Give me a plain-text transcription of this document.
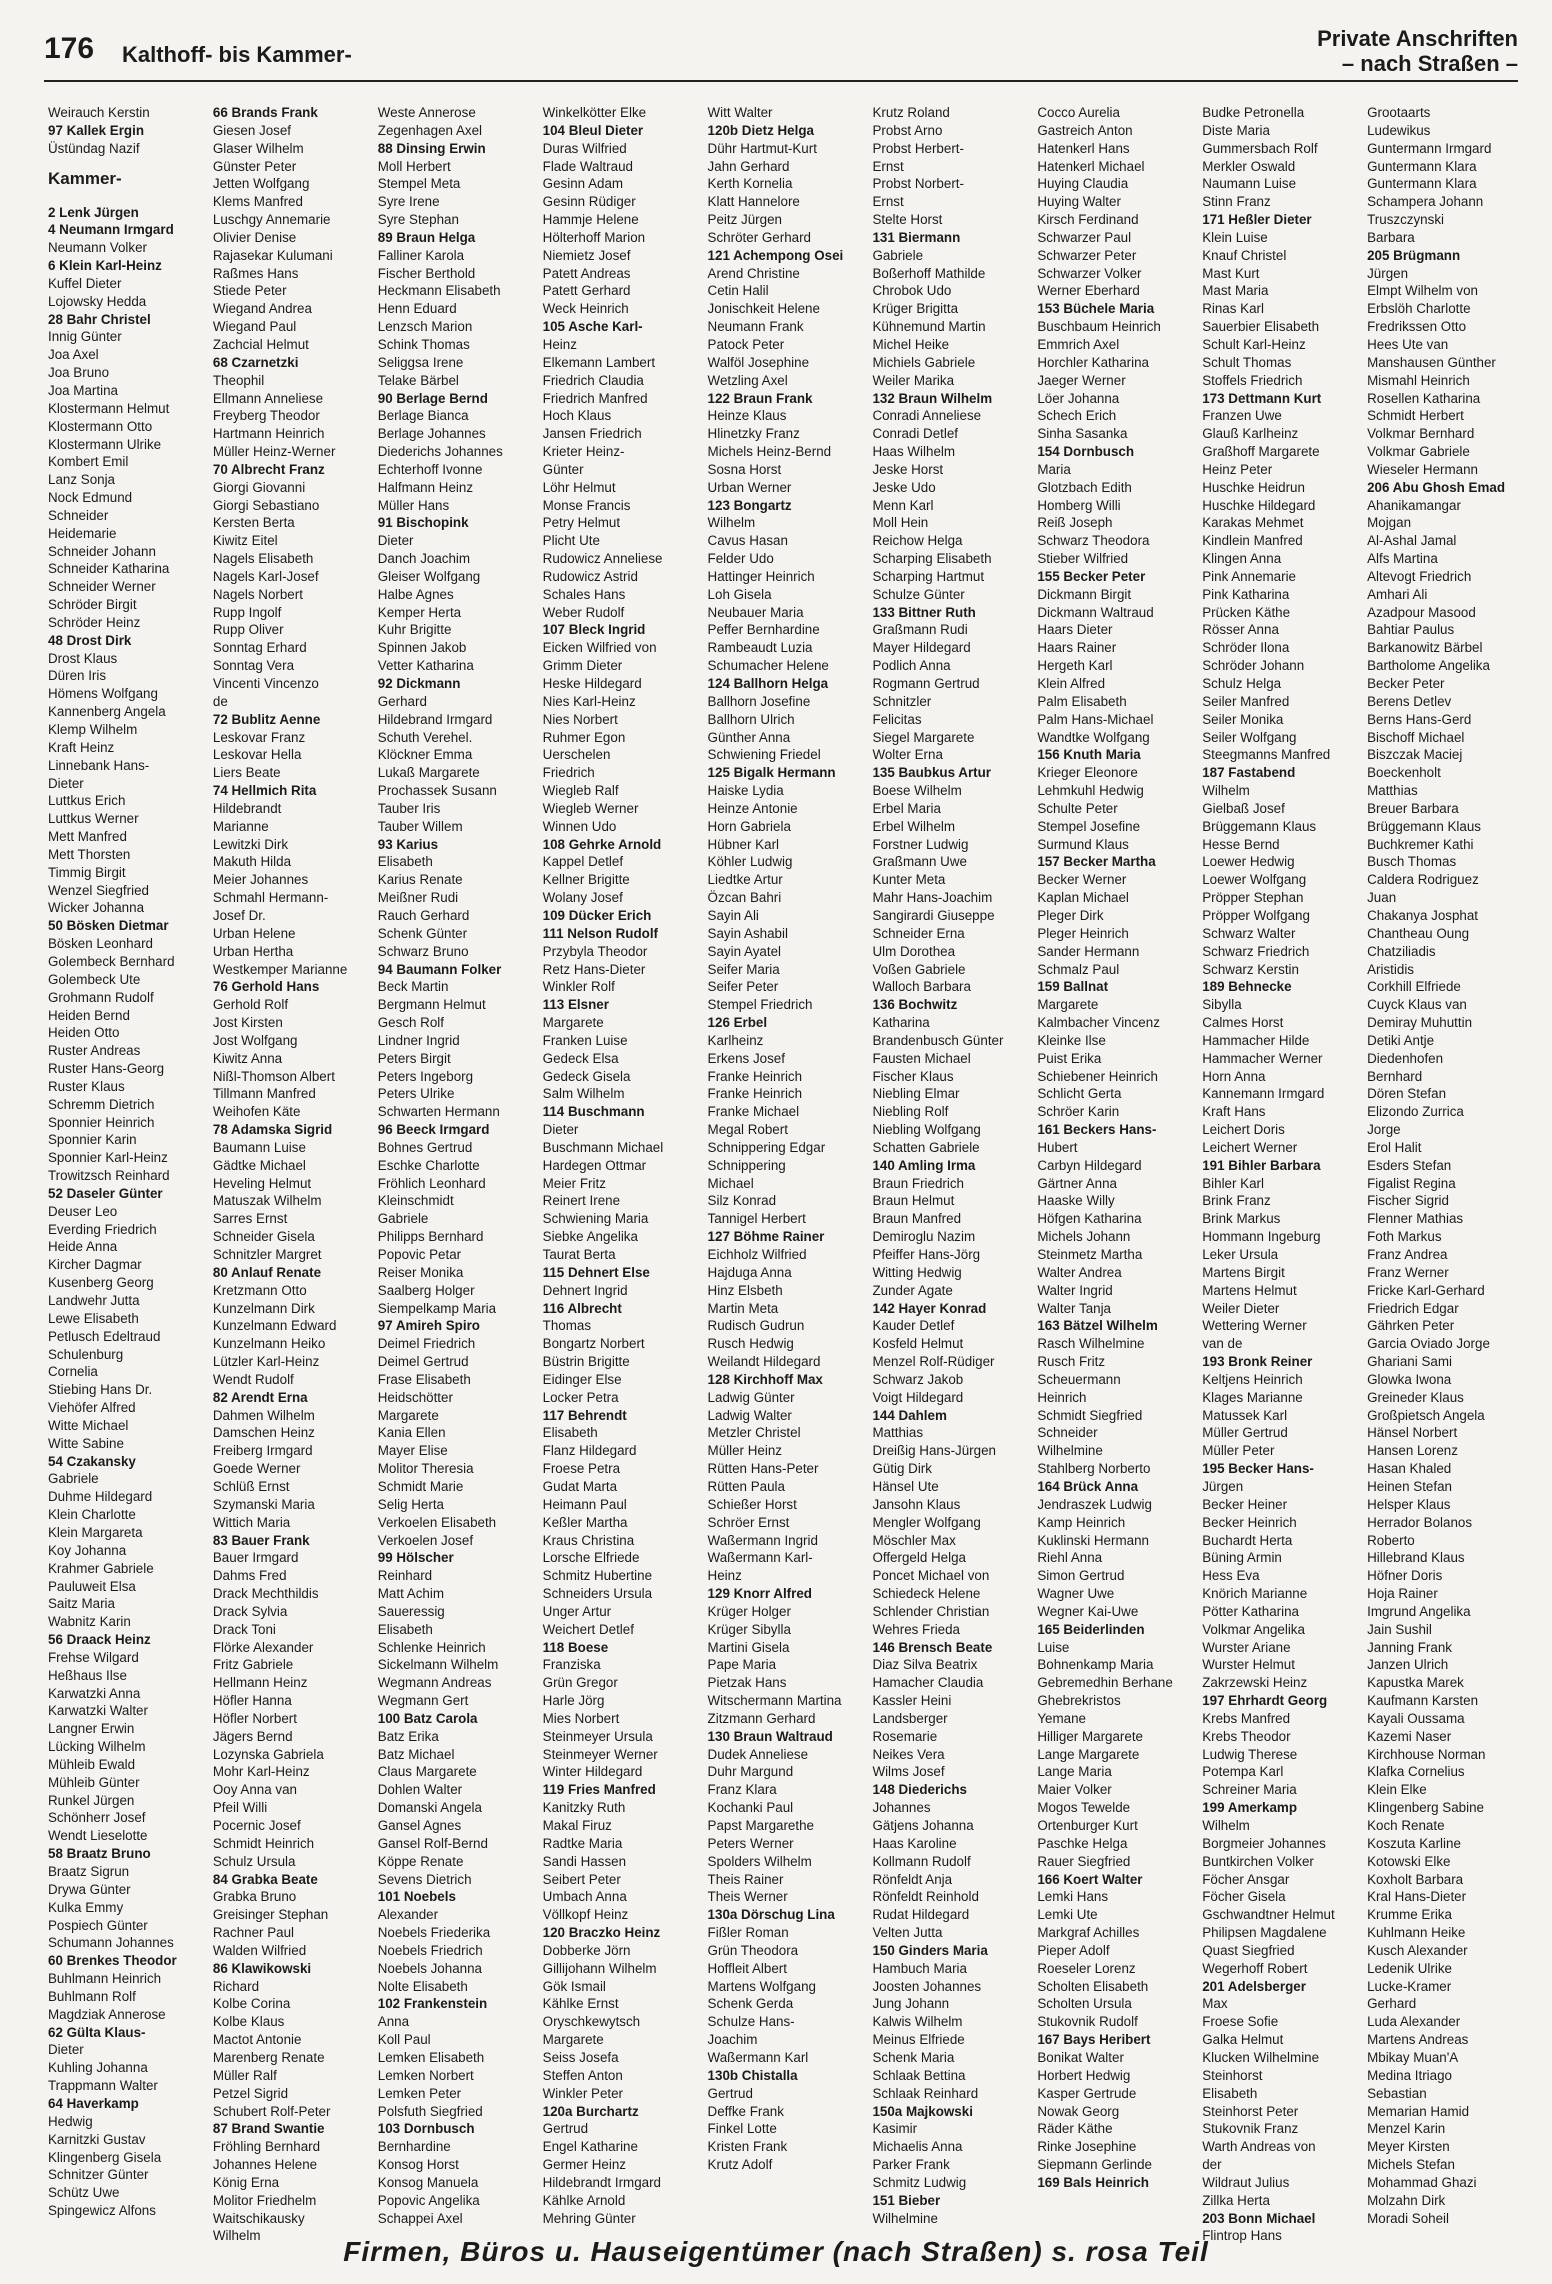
176 Kalthoff- bis Kammer-
Private Anschriften
– nach Straßen –
Weirauch Kerstin
97 Kallek Ergin
Üstündag Nazif
Kammer-
2 Lenk Jürgen
4 Neumann Irmgard
Neumann Volker
6 Klein Karl-Heinz
Kuffel Dieter
Lojowsky Hedda
28 Bahr Christel
Innig Günter
Joa Axel
Joa Bruno
Joa Martina
Klostermann Helmut
Klostermann Otto
Klostermann Ulrike
Kombert Emil
Lanz Sonja
Nock Edmund
Schneider
Heidemarie
Schneider Johann
Schneider Katharina
Schneider Werner
Schröder Birgit
Schröder Heinz
48 Drost Dirk
Drost Klaus
Düren Iris
Hömens Wolfgang
Kannenberg Angela
Klemp Wilhelm
Kraft Heinz
Linnebank Hans-
Dieter
Luttkus Erich
Luttkus Werner
Mett Manfred
Mett Thorsten
Timmig Birgit
Wenzel Siegfried
Wicker Johanna
50 Bösken Dietmar
Bösken Leonhard
Golembeck Bernhard
Golembeck Ute
Grohmann Rudolf
Heiden Bernd
Heiden Otto
Ruster Andreas
Ruster Hans-Georg
Ruster Klaus
Schremm Dietrich
Sponnier Heinrich
Sponnier Karin
Sponnier Karl-Heinz
Trowitzsch Reinhard
52 Daseler Günter
Deuser Leo
Everding Friedrich
Heide Anna
Kircher Dagmar
Kusenberg Georg
Landwehr Jutta
Lewe Elisabeth
Petlusch Edeltraud
Schulenburg
Cornelia
Stiebing Hans Dr.
Viehöfer Alfred
Witte Michael
Witte Sabine
54 Czakansky
Gabriele
Duhme Hildegard
Klein Charlotte
Klein Margareta
Koy Johanna
Krahmer Gabriele
Pauluweit Elsa
Saitz Maria
Wabnitz Karin
56 Draack Heinz
Frehse Wilgard
Heßhaus Ilse
Karwatzki Anna
Karwatzki Walter
Langner Erwin
Lücking Wilhelm
Mühleib Ewald
Mühleib Günter
Runkel Jürgen
Schönherr Josef
Wendt Lieselotte
58 Braatz Bruno
Braatz Sigrun
Drywa Günter
Kulka Emmy
Pospiech Günter
Schumann Johannes
60 Brenkes Theodor
Buhlmann Heinrich
Buhlmann Rolf
Magdziak Annerose
62 Gülta Klaus-
Dieter
Kuhling Johanna
Trappmann Walter
64 Haverkamp
Hedwig
Karnitzki Gustav
Klingenberg Gisela
Schnitzer Günter
Schütz Uwe
Spingewicz Alfons
66 Brands Frank
Giesen Josef
Glaser Wilhelm
Günster Peter
Jetten Wolfgang
Klems Manfred
Luschgy Annemarie
Olivier Denise
Rajasekar Kulumani
Raßmes Hans
Stiede Peter
Wiegand Andrea
Wiegand Paul
Zachcial Helmut
68 Czarnetzki
Theophil
Ellmann Anneliese
Freyberg Theodor
Hartmann Heinrich
Müller Heinz-Werner
70 Albrecht Franz
Giorgi Giovanni
Giorgi Sebastiano
Kersten Berta
Kiwitz Eitel
Nagels Elisabeth
Nagels Karl-Josef
Nagels Norbert
Rupp Ingolf
Rupp Oliver
Sonntag Erhard
Sonntag Vera
Vincenti Vincenzo
de
72 Bublitz Aenne
Leskovar Franz
Leskovar Hella
Liers Beate
74 Hellmich Rita
Hildebrandt
Marianne
Lewitzki Dirk
Makuth Hilda
Meier Johannes
Schmahl Hermann-
Josef Dr.
Urban Helene
Urban Hertha
Westkemper Marianne
76 Gerhold Hans
Gerhold Rolf
Jost Kirsten
Jost Wolfgang
Kiwitz Anna
Nißl-Thomson Albert
Tillmann Manfred
Weihofen Käte
78 Adamska Sigrid
Baumann Luise
Gädtke Michael
Heveling Helmut
Matuszak Wilhelm
Sarres Ernst
Schneider Gisela
Schnitzler Margret
80 Anlauf Renate
Kretzmann Otto
Kunzelmann Dirk
Kunzelmann Edward
Kunzelmann Heiko
Lützler Karl-Heinz
Wendt Rudolf
82 Arendt Erna
Dahmen Wilhelm
Damschen Heinz
Freiberg Irmgard
Goede Werner
Schlüß Ernst
Szymanski Maria
Wittich Maria
83 Bauer Frank
Bauer Irmgard
Dahms Fred
Drack Mechthildis
Drack Sylvia
Drack Toni
Flörke Alexander
Fritz Gabriele
Hellmann Heinz
Höfler Hanna
Höfler Norbert
Jägers Bernd
Lozynska Gabriela
Mohr Karl-Heinz
Ooy Anna van
Pfeil Willi
Pocernic Josef
Schmidt Heinrich
Schulz Ursula
84 Grabka Beate
Grabka Bruno
Greisinger Stephan
Rachner Paul
Walden Wilfried
86 Klawikowski
Richard
Kolbe Corina
Kolbe Klaus
Mactot Antonie
Marenberg Renate
Müller Ralf
Petzel Sigrid
Schubert Rolf-Peter
87 Brand Swantie
Fröhling Bernhard
Johannes Helene
König Erna
Molitor Friedhelm
Waitschikausky
Wilhelm
Weste Annerose
Zegenhagen Axel
88 Dinsing Erwin
Moll Herbert
Stempel Meta
Syre Irene
Syre Stephan
89 Braun Helga
Falliner Karola
Fischer Berthold
Heckmann Elisabeth
Henn Eduard
Lenzsch Marion
Schink Thomas
Seliggsa Irene
Telake Bärbel
90 Berlage Bernd
Berlage Bianca
Berlage Johannes
Diederichs Johannes
Echterhoff Ivonne
Halfmann Heinz
Müller Hans
91 Bischopink
Dieter
Danch Joachim
Gleiser Wolfgang
Halbe Agnes
Kemper Herta
Kuhr Brigitte
Spinnen Jakob
Vetter Katharina
92 Dickmann
Gerhard
Hildebrand Irmgard
Schuth Verehel.
Klöckner Emma
Lukaß Margarete
Prochassek Susann
Tauber Iris
Tauber Willem
93 Karius
Elisabeth
Karius Renate
Meißner Rudi
Rauch Gerhard
Schenk Günter
Schwarz Bruno
94 Baumann Folker
Beck Martin
Bergmann Helmut
Gesch Rolf
Lindner Ingrid
Peters Birgit
Peters Ingeborg
Peters Ulrike
Schwarten Hermann
96 Beeck Irmgard
Bohnes Gertrud
Eschke Charlotte
Fröhlich Leonhard
Kleinschmidt
Gabriele
Philipps Bernhard
Popovic Petar
Reiser Monika
Saalberg Holger
Siempelkamp Maria
97 Amireh Spiro
Deimel Friedrich
Deimel Gertrud
Frase Elisabeth
Heidschötter
Margarete
Kania Ellen
Mayer Elise
Molitor Theresia
Schmidt Marie
Selig Herta
Verkoelen Elisabeth
Verkoelen Josef
99 Hölscher
Reinhard
Matt Achim
Saueressig
Elisabeth
Schlenke Heinrich
Sickelmann Wilhelm
Wegmann Andreas
Wegmann Gert
100 Batz Carola
Batz Erika
Batz Michael
Claus Margarete
Dohlen Walter
Domanski Angela
Gansel Agnes
Gansel Rolf-Bernd
Köppe Renate
Sevens Dietrich
101 Noebels
Alexander
Noebels Friederika
Noebels Friedrich
Noebels Johanna
Nolte Elisabeth
102 Frankenstein
Anna
Koll Paul
Lemken Elisabeth
Lemken Norbert
Lemken Peter
Polsfuth Siegfried
103 Dornbusch
Bernhardine
Konsog Horst
Konsog Manuela
Popovic Angelika
Schappei Axel
Winkelkötter Elke
104 Bleul Dieter
Duras Wilfried
Flade Waltraud
Gesinn Adam
Gesinn Rüdiger
Hammje Helene
Hölterhoff Marion
Niemietz Josef
Patett Andreas
Patett Gerhard
Weck Heinrich
105 Asche Karl-
Heinz
Elkemann Lambert
Friedrich Claudia
Friedrich Manfred
Hoch Klaus
Jansen Friedrich
Krieter Heinz-
Günter
Löhr Helmut
Monse Francis
Petry Helmut
Plicht Ute
Rudowicz Anneliese
Rudowicz Astrid
Schales Hans
Weber Rudolf
107 Bleck Ingrid
Eicken Wilfried von
Grimm Dieter
Heske Hildegard
Nies Karl-Heinz
Nies Norbert
Ruhmer Egon
Uerschelen
Friedrich
Wiegleb Ralf
Wiegleb Werner
Winnen Udo
108 Gehrke Arnold
Kappel Detlef
Kellner Brigitte
Wolany Josef
109 Dücker Erich
111 Nelson Rudolf
Przybyla Theodor
Retz Hans-Dieter
Winkler Rolf
113 Elsner
Margarete
Franken Luise
Gedeck Elsa
Gedeck Gisela
Salm Wilhelm
114 Buschmann
Dieter
Buschmann Michael
Hardegen Ottmar
Meier Fritz
Reinert Irene
Schwiening Maria
Siebke Angelika
Taurat Berta
115 Dehnert Else
Dehnert Ingrid
116 Albrecht
Thomas
Bongartz Norbert
Büstrin Brigitte
Eidinger Else
Locker Petra
117 Behrendt
Elisabeth
Flanz Hildegard
Froese Petra
Gudat Marta
Heimann Paul
Keßler Martha
Kraus Christina
Lorsche Elfriede
Schmitz Hubertine
Schneiders Ursula
Unger Artur
Weichert Detlef
118 Boese
Franziska
Grün Gregor
Harle Jörg
Mies Norbert
Steinmeyer Ursula
Steinmeyer Werner
Winter Hildegard
119 Fries Manfred
Kanitzky Ruth
Makal Firuz
Radtke Maria
Sandi Hassen
Seibert Peter
Umbach Anna
Völlkopf Heinz
120 Braczko Heinz
Dobberke Jörn
Gillijohann Wilhelm
Gök Ismail
Kählke Ernst
Oryschkewytsch
Margarete
Seiss Josefa
Steffen Anton
Winkler Peter
120a Burchartz
Gertrud
Engel Katharine
Germer Heinz
Hildebrandt Irmgard
Kählke Arnold
Mehring Günter
Witt Walter
120b Dietz Helga
Dühr Hartmut-Kurt
Jahn Gerhard
Kerth Kornelia
Klatt Hannelore
Peitz Jürgen
Schröter Gerhard
121 Achempong Osei
Arend Christine
Cetin Halil
Jonischkeit Helene
Neumann Frank
Patock Peter
Walföl Josephine
Wetzling Axel
122 Braun Frank
Heinze Klaus
Hlinetzky Franz
Michels Heinz-Bernd
Sosna Horst
Urban Werner
123 Bongartz
Wilhelm
Cavus Hasan
Felder Udo
Hattinger Heinrich
Loh Gisela
Neubauer Maria
Peffer Bernhardine
Rambeaudt Luzia
Schumacher Helene
124 Ballhorn Helga
Ballhorn Josefine
Ballhorn Ulrich
Günther Anna
Schwiening Friedel
125 Bigalk Hermann
Haiske Lydia
Heinze Antonie
Horn Gabriela
Hübner Karl
Köhler Ludwig
Liedtke Artur
Özcan Bahri
Sayin Ali
Sayin Ashabil
Sayin Ayatel
Seifer Maria
Seifer Peter
Stempel Friedrich
126 Erbel
Karlheinz
Erkens Josef
Franke Heinrich
Franke Heinrich
Franke Michael
Megal Robert
Schnippering Edgar
Schnippering
Michael
Silz Konrad
Tannigel Herbert
127 Böhme Rainer
Eichholz Wilfried
Hajduga Anna
Hinz Elsbeth
Martin Meta
Rudisch Gudrun
Rusch Hedwig
Weilandt Hildegard
128 Kirchhoff Max
Ladwig Günter
Ladwig Walter
Metzler Christel
Müller Heinz
Rütten Hans-Peter
Rütten Paula
Schießer Horst
Schröer Ernst
Waßermann Ingrid
Waßermann Karl-
Heinz
129 Knorr Alfred
Krüger Holger
Krüger Sibylla
Martini Gisela
Pape Maria
Pietzak Hans
Witschermann Martina
Zitzmann Gerhard
130 Braun Waltraud
Dudek Anneliese
Duhr Margund
Franz Klara
Kochanki Paul
Papst Margarethe
Peters Werner
Spolders Wilhelm
Theis Rainer
Theis Werner
130a Dörschug Lina
Fißler Roman
Grün Theodora
Hoffleit Albert
Martens Wolfgang
Schenk Gerda
Schulze Hans-
Joachim
Waßermann Karl
130b Chistalla
Gertrud
Deffke Frank
Finkel Lotte
Kristen Frank
Krutz Adolf
Krutz Roland
Probst Arno
Probst Herbert-
Ernst
Probst Norbert-
Ernst
Stelte Horst
131 Biermann
Gabriele
Boßerhoff Mathilde
Chrobok Udo
Krüger Brigitta
Kühnemund Martin
Michel Heike
Michiels Gabriele
Weiler Marika
132 Braun Wilhelm
Conradi Anneliese
Conradi Detlef
Haas Wilhelm
Jeske Horst
Jeske Udo
Menn Karl
Moll Hein
Reichow Helga
Scharping Elisabeth
Scharping Hartmut
Schulze Günter
133 Bittner Ruth
Graßmann Rudi
Mayer Hildegard
Podlich Anna
Rogmann Gertrud
Schnitzler
Felicitas
Siegel Margarete
Wolter Erna
135 Baubkus Artur
Boese Wilhelm
Erbel Maria
Erbel Wilhelm
Forstner Ludwig
Graßmann Uwe
Kunter Meta
Mahr Hans-Joachim
Sangirardi Giuseppe
Schneider Erna
Ulm Dorothea
Voßen Gabriele
Walloch Barbara
136 Bochwitz
Katharina
Brandenbusch Günter
Fausten Michael
Fischer Klaus
Niebling Elmar
Niebling Rolf
Niebling Wolfgang
Schatten Gabriele
140 Amling Irma
Braun Friedrich
Braun Helmut
Braun Manfred
Demiroglu Nazim
Pfeiffer Hans-Jörg
Witting Hedwig
Zunder Agate
142 Hayer Konrad
Kauder Detlef
Kosfeld Helmut
Menzel Rolf-Rüdiger
Schwarz Jakob
Voigt Hildegard
144 Dahlem
Matthias
Dreißig Hans-Jürgen
Gütig Dirk
Hänsel Ute
Jansohn Klaus
Mengler Wolfgang
Möschler Max
Offergeld Helga
Poncet Michael von
Schiedeck Helene
Schlender Christian
Wehres Frieda
146 Brensch Beate
Diaz Silva Beatrix
Hamacher Claudia
Kassler Heini
Landsberger
Rosemarie
Neikes Vera
Wilms Josef
148 Diederichs
Johannes
Gätjens Johanna
Haas Karoline
Kollmann Rudolf
Rönfeldt Anja
Rönfeldt Reinhold
Rudat Hildegard
Velten Jutta
150 Ginders Maria
Hambuch Maria
Joosten Johannes
Jung Johann
Kalwis Wilhelm
Meinus Elfriede
Schenk Maria
Schlaak Bettina
Schlaak Reinhard
150a Majkowski
Kasimir
Michaelis Anna
Parker Frank
Schmitz Ludwig
151 Bieber
Wilhelmine
Cocco Aurelia
Gastreich Anton
Hatenkerl Hans
Hatenkerl Michael
Huying Claudia
Huying Walter
Kirsch Ferdinand
Schwarzer Paul
Schwarzer Peter
Schwarzer Volker
Werner Eberhard
153 Büchele Maria
Buschbaum Heinrich
Emmrich Axel
Horchler Katharina
Jaeger Werner
Löer Johanna
Schech Erich
Sinha Sasanka
154 Dornbusch
Maria
Glotzbach Edith
Homberg Willi
Reiß Joseph
Schwarz Theodora
Stieber Wilfried
155 Becker Peter
Dickmann Birgit
Dickmann Waltraud
Haars Dieter
Haars Rainer
Hergeth Karl
Klein Alfred
Palm Elisabeth
Palm Hans-Michael
Wandtke Wolfgang
156 Knuth Maria
Krieger Eleonore
Lehmkuhl Hedwig
Schulte Peter
Stempel Josefine
Surmund Klaus
157 Becker Martha
Becker Werner
Kaplan Michael
Pleger Dirk
Pleger Heinrich
Sander Hermann
Schmalz Paul
159 Ballnat
Margarete
Kalmbacher Vincenz
Kleinke Ilse
Puist Erika
Schiebener Heinrich
Schlicht Gerta
Schröer Karin
161 Beckers Hans-
Hubert
Carbyn Hildegard
Gärtner Anna
Haaske Willy
Höfgen Katharina
Michels Johann
Steinmetz Martha
Walter Andrea
Walter Ingrid
Walter Tanja
163 Bätzel Wilhelm
Rasch Wilhelmine
Rusch Fritz
Scheuermann
Heinrich
Schmidt Siegfried
Schneider
Wilhelmine
Stahlberg Norberto
164 Brück Anna
Jendraszek Ludwig
Kamp Heinrich
Kuklinski Hermann
Riehl Anna
Simon Gertrud
Wagner Uwe
Wegner Kai-Uwe
165 Beiderlinden
Luise
Bohnenkamp Maria
Gebremedhin Berhane
Ghebrekristos
Yemane
Hilliger Margarete
Lange Margarete
Lange Maria
Maier Volker
Mogos Tewelde
Ortenburger Kurt
Paschke Helga
Rauer Siegfried
166 Koert Walter
Lemki Hans
Lemki Ute
Markgraf Achilles
Pieper Adolf
Roeseler Lorenz
Scholten Elisabeth
Scholten Ursula
Stukovnik Rudolf
167 Bays Heribert
Bonikat Walter
Horbert Hedwig
Kasper Gertrude
Nowak Georg
Räder Käthe
Rinke Josephine
Siepmann Gerlinde
169 Bals Heinrich
Budke Petronella
Diste Maria
Gummersbach Rolf
Merkler Oswald
Naumann Luise
Stinn Franz
171 Heßler Dieter
Klein Luise
Knauf Christel
Mast Kurt
Mast Maria
Rinas Karl
Sauerbier Elisabeth
Schult Karl-Heinz
Schult Thomas
Stoffels Friedrich
173 Dettmann Kurt
Franzen Uwe
Glauß Karlheinz
Graßhoff Margarete
Heinz Peter
Huschke Heidrun
Huschke Hildegard
Karakas Mehmet
Kindlein Manfred
Klingen Anna
Pink Annemarie
Pink Katharina
Prücken Käthe
Rösser Anna
Schröder Ilona
Schröder Johann
Schulz Helga
Seiler Manfred
Seiler Monika
Seiler Wolfgang
Steegmanns Manfred
187 Fastabend
Wilhelm
Gielbaß Josef
Brüggemann Klaus
Hesse Bernd
Loewer Hedwig
Loewer Wolfgang
Pröpper Stephan
Pröpper Wolfgang
Schwarz Walter
Schwarz Friedrich
Schwarz Kerstin
189 Behnecke
Sibylla
Calmes Horst
Hammacher Hilde
Hammacher Werner
Horn Anna
Kannemann Irmgard
Kraft Hans
Leichert Doris
Leichert Werner
191 Bihler Barbara
Bihler Karl
Brink Franz
Brink Markus
Hommann Ingeburg
Leker Ursula
Martens Birgit
Martens Helmut
Weiler Dieter
Wettering Werner
van de
193 Bronk Reiner
Keltjens Heinrich
Klages Marianne
Matussek Karl
Müller Gertrud
Müller Peter
195 Becker Hans-
Jürgen
Becker Heiner
Becker Heinrich
Buchardt Herta
Büning Armin
Hess Eva
Knörich Marianne
Pötter Katharina
Volkmar Angelika
Wurster Ariane
Wurster Helmut
Zakrzewski Heinz
197 Ehrhardt Georg
Krebs Manfred
Krebs Theodor
Ludwig Therese
Potempa Karl
Schreiner Maria
199 Amerkamp
Wilhelm
Borgmeier Johannes
Buntkirchen Volker
Föcher Ansgar
Föcher Gisela
Gschwandtner Helmut
Philipsen Magdalene
Quast Siegfried
Wegerhoff Robert
201 Adelsberger
Max
Froese Sofie
Galka Helmut
Klucken Wilhelmine
Steinhorst
Elisabeth
Steinhorst Peter
Stukovnik Franz
Warth Andreas von
der
Wildraut Julius
Zillka Herta
203 Bonn Michael
Flintrop Hans
Grootaarts
Ludewikus
Guntermann Irmgard
Guntermann Klara
Guntermann Klara
Schampera Johann
Truszczynski
Barbara
205 Brügmann
Jürgen
Elmpt Wilhelm von
Erbslöh Charlotte
Fredrikssen Otto
Hees Ute van
Manshausen Günther
Mismahl Heinrich
Rosellen Katharina
Schmidt Herbert
Volkmar Bernhard
Volkmar Gabriele
Wieseler Hermann
206 Abu Ghosh Emad
Ahanikamangar
Mojgan
Al-Ashal Jamal
Alfs Martina
Altevogt Friedrich
Amhari Ali
Azadpour Masood
Bahtiar Paulus
Barkanowitz Bärbel
Bartholome Angelika
Becker Peter
Berens Detlev
Berns Hans-Gerd
Bischoff Michael
Biszczak Maciej
Boeckenholt
Matthias
Breuer Barbara
Brüggemann Klaus
Buchkremer Kathi
Busch Thomas
Caldera Rodriguez
Juan
Chakanya Josphat
Chantheau Oung
Chatziliadis
Aristidis
Corkhill Elfriede
Cuyck Klaus van
Demiray Muhuttin
Detiki Antje
Diedenhofen
Bernhard
Dören Stefan
Elizondo Zurrica
Jorge
Erol Halit
Esders Stefan
Figalist Regina
Fischer Sigrid
Flenner Mathias
Foth Markus
Franz Andrea
Franz Werner
Fricke Karl-Gerhard
Friedrich Edgar
Gährken Peter
Garcia Oviado Jorge
Ghariani Sami
Glowka Iwona
Greineder Klaus
Großpietsch Angela
Hänsel Norbert
Hansen Lorenz
Hasan Khaled
Heinen Stefan
Helsper Klaus
Herrador Bolanos
Roberto
Hillebrand Klaus
Höfner Doris
Hoja Rainer
Imgrund Angelika
Jain Sushil
Janning Frank
Janzen Ulrich
Kapustka Marek
Kaufmann Karsten
Kayali Oussama
Kazemi Naser
Kirchhouse Norman
Klafka Cornelius
Klein Elke
Klingenberg Sabine
Koch Renate
Koszuta Karline
Kotowski Elke
Koxholt Barbara
Kral Hans-Dieter
Krumme Erika
Kuhlmann Heike
Kusch Alexander
Ledenik Ulrike
Lucke-Kramer
Gerhard
Luda Alexander
Martens Andreas
Mbikay Muan'A
Medina Itriago
Sebastian
Memarian Hamid
Menzel Karin
Meyer Kirsten
Michels Stefan
Mohammad Ghazi
Molzahn Dirk
Moradi Soheil
Firmen, Büros u. Hauseigentümer (nach Straßen) s. rosa Teil
